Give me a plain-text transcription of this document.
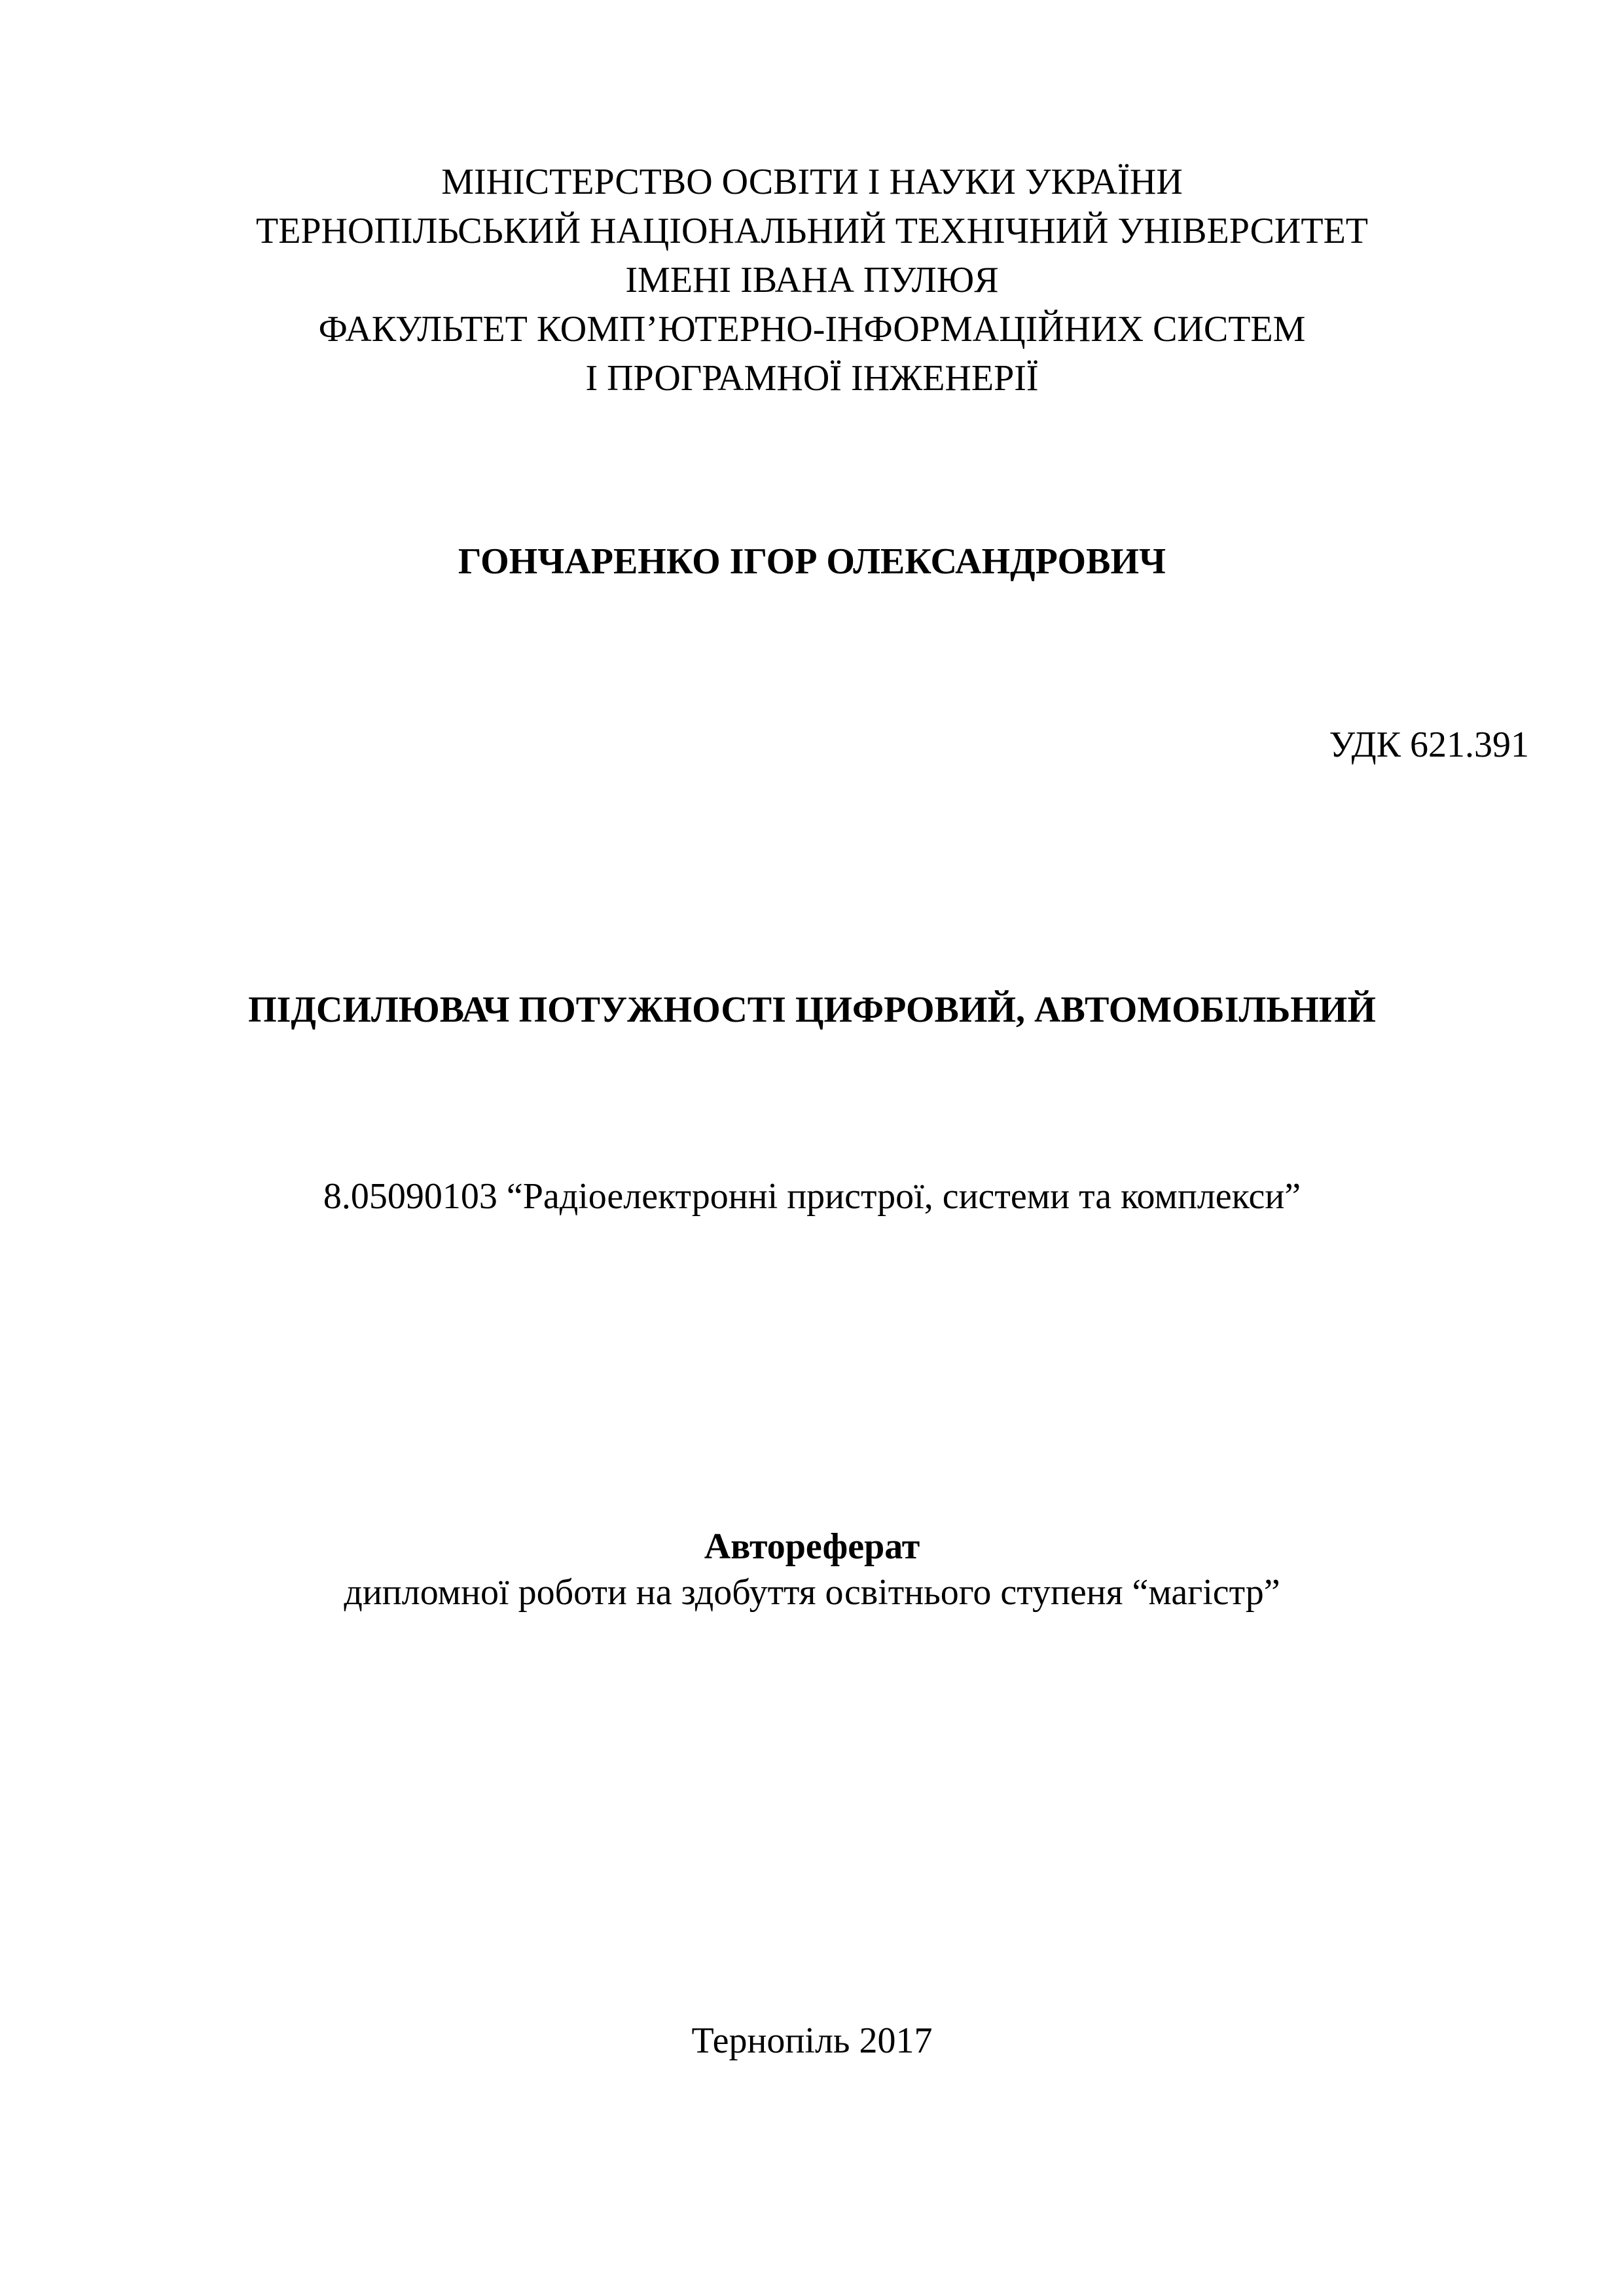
МІНІСТЕРСТВО ОСВІТИ І НАУКИ УКРАЇНИ
ТЕРНОПІЛЬСЬКИЙ НАЦІОНАЛЬНИЙ ТЕХНІЧНИЙ УНІВЕРСИТЕТ
ІМЕНІ ІВАНА ПУЛЮЯ
ФАКУЛЬТЕТ КОМП’ЮТЕРНО-ІНФОРМАЦІЙНИХ СИСТЕМ
І ПРОГРАМНОЇ ІНЖЕНЕРІЇ
ГОНЧАРЕНКО ІГОР ОЛЕКСАНДРОВИЧ
УДК 621.391
ПІДСИЛЮВАЧ ПОТУЖНОСТІ ЦИФРОВИЙ, АВТОМОБІЛЬНИЙ
8.05090103 “Радіоелектронні пристрої, системи та комплекси”
Автореферат
дипломної роботи на здобуття освітнього ступеня “магістр”
Тернопіль 2017
